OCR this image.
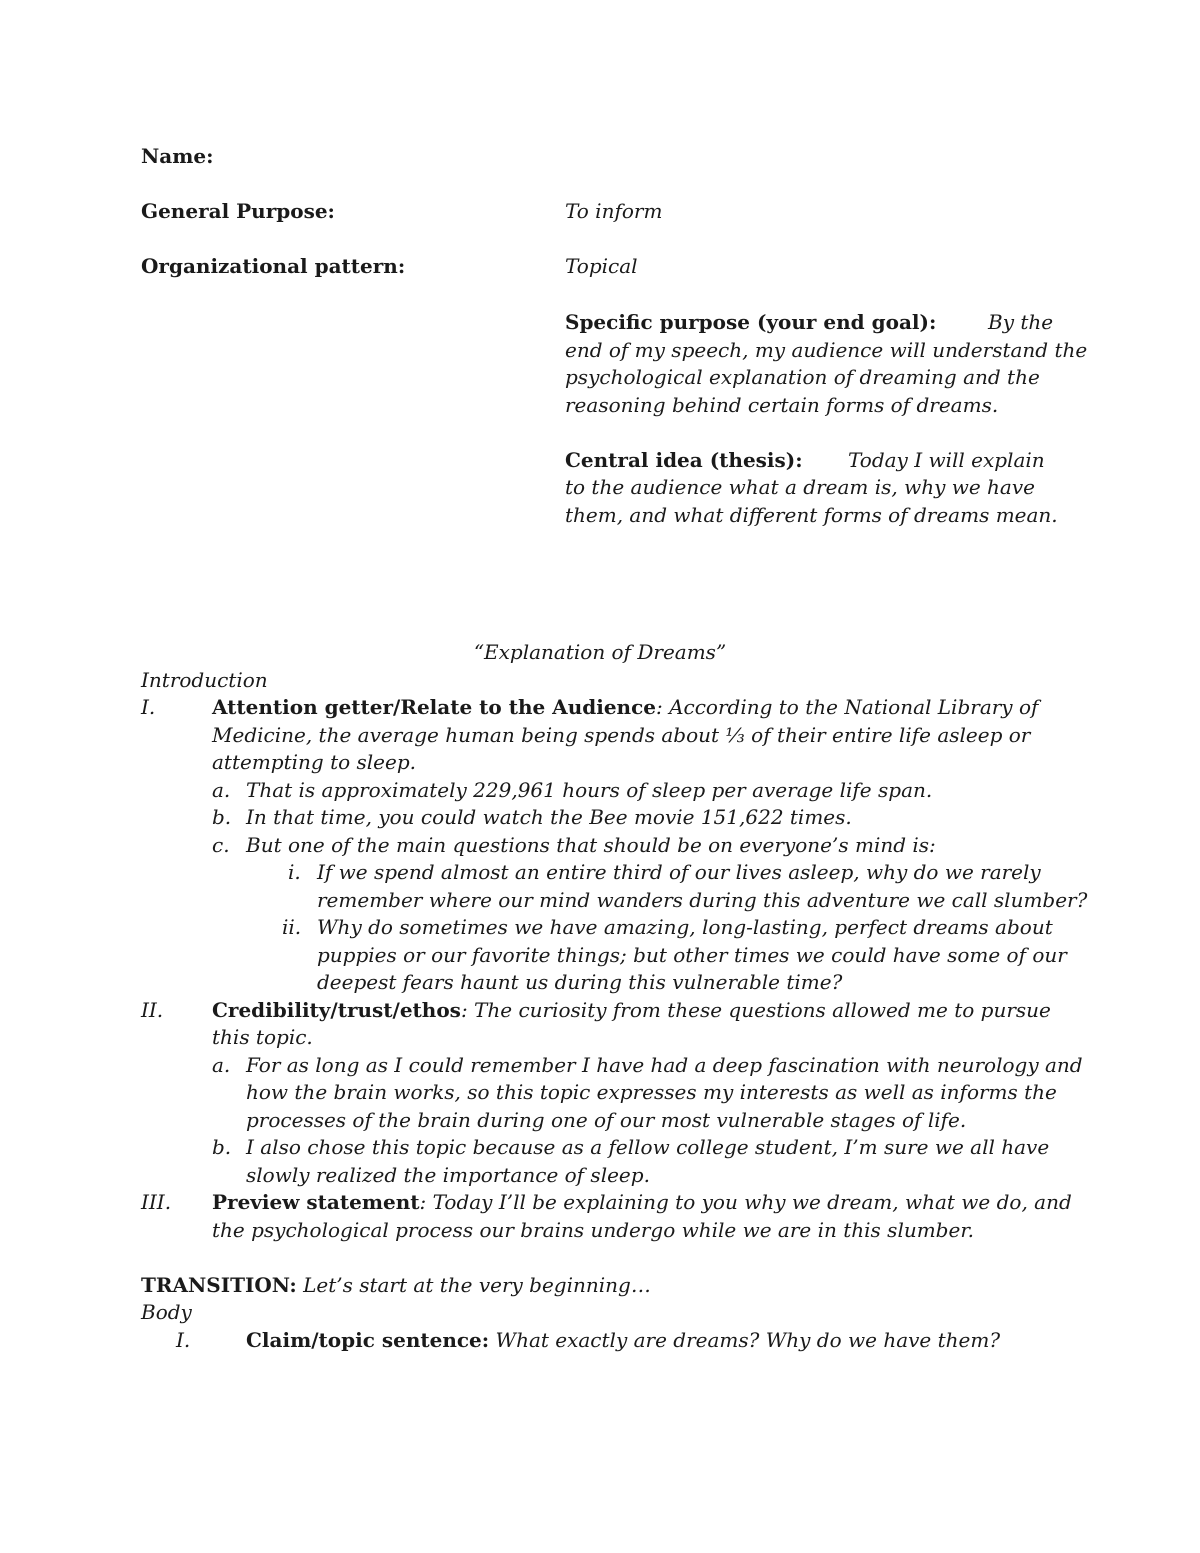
Name:
General Purpose:	To inform
Organizational pattern:	Topical
Specific purpose (your end goal):	By the
end of my speech, my audience will understand the
psychological explanation of dreaming and the
reasoning behind certain forms of dreams.
Central idea (thesis): Today I will explain
to the audience what a dream is, why we have
them, and what different forms of dreams mean.
“Explanation of Dreams”
Introduction
I.	Attention getter/Relate to the Audience: According to the National Library of
Medicine, the average human being spends about ⅓ of their entire life asleep or
attempting to sleep.
a. That is approximately 229,961 hours of sleep per average life span.
b. In that time, you could watch the Bee movie 151,622 times.
c. But one of the main questions that should be on everyone’s mind is:
i. If we spend almost an entire third of our lives asleep, why do we rarely
remember where our mind wanders during this adventure we call slumber?
ii. Why do sometimes we have amazing, long-lasting, perfect dreams about
puppies or our favorite things; but other times we could have some of our
deepest fears haunt us during this vulnerable time?
II. Credibility/trust/ethos: The curiosity from these questions allowed me to pursue
this topic.
a. For as long as I could remember I have had a deep fascination with neurology and
how the brain works, so this topic expresses my interests as well as informs the
processes of the brain during one of our most vulnerable stages of life.
b. I also chose this topic because as a fellow college student, I’m sure we all have
slowly realized the importance of sleep.
III. Preview statement: Today I’ll be explaining to you why we dream, what we do, and
the psychological process our brains undergo while we are in this slumber.
TRANSITION: Let’s start at the very beginning…
Body
I.	Claim/topic sentence: What exactly are dreams? Why do we have them?
